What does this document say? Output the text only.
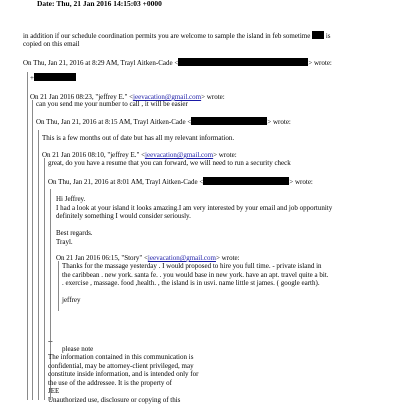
Date: Thu, 21 Jan 2016 14:15:03 +0000
in addition if our schedule coordination permits you are welcome to sample the island in feb sometime is
copied on this email
On Thu, Jan 21, 2016 at 8:29 AM, Trayl Aitken-Cade <	> wrote:
+
On 21 Jan 2016 08:23, "jeffrey E." <jeevacation@gmail.com> wrote:
can you send me your number to call , it will be easier
On Thu, Jan 21, 2016 at 8:15 AM, Trayl Aitken-Cade <	> wrote:
This is a few months out of date but has all my relevant information.
On 21 Jan 2016 08:10, "jeffrey E." <jeevacation@gmail.com> wrote:
great, do you have a resume that you can forward, we will need to run a security check
On Thu, Jan 21, 2016 at 8:01 AM, Trayl Aitken-Cade <	> wrote:
Hi Jeffrey.
I had a look at your island it looks amazing.I am very interested by your email and job opportunity
definitely something I would consider seriously.

Best regards.
Trayl.
On 21 Jan 2016 06:15, "Story" <jeevacation@gmail.com> wrote:
Thanks for the massage yesterday . I would proposed to hire you full time. - private island in
the caribbean . new york. santa fe. . you would base in new york. have an apt. travel quite a bit.
. exercise , massage. food ,health. , the island is in usvi. name little st james. ( google earth).

jeffrey
--
please note
The information contained in this communication is
confidential, may be attorney-client privileged, may
constitute inside information, and is intended only for
the use of the addressee. It is the property of
JEE
Unauthorized use, disclosure or copying of this
